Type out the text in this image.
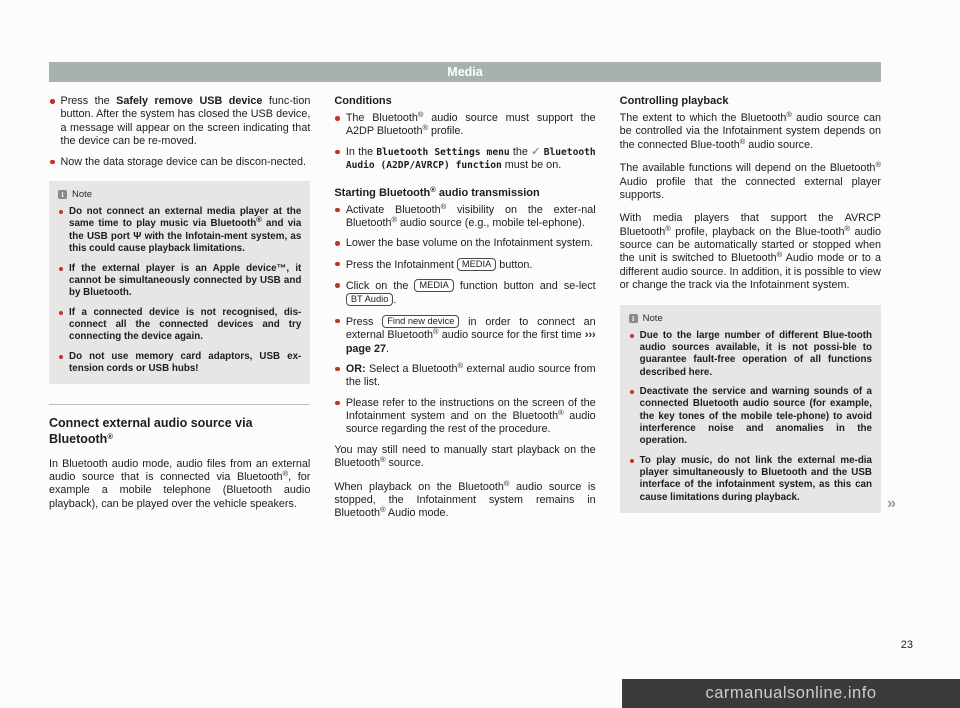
Media
Press the Safely remove USB device func-tion button. After the system has closed the USB device, a message will appear on the screen indicating that the device can be re-moved.
Now the data storage device can be discon-nected.
i Note
Do not connect an external media player at the same time to play music via Bluetooth® and via the USB port Ψ with the Infotain-ment system, as this could cause playback limitations.
If the external player is an Apple device™, it cannot be simultaneously connected by USB and by Bluetooth.
If a connected device is not recognised, dis-connect all the connected devices and try connecting the device again.
Do not use memory card adaptors, USB ex-tension cords or USB hubs!
Connect external audio source via Bluetooth®
In Bluetooth audio mode, audio files from an external audio source that is connected via Bluetooth®, for example a mobile telephone (Bluetooth audio playback), can be played over the vehicle speakers.
Conditions
The Bluetooth® audio source must support the A2DP Bluetooth® profile.
In the Bluetooth Settings menu the ✓ Bluetooth Audio (A2DP/AVRCP) function must be on.
Starting Bluetooth® audio transmission
Activate Bluetooth® visibility on the exter-nal Bluetooth® audio source (e.g., mobile tel-ephone).
Lower the base volume on the Infotainment system.
Press the Infotainment MEDIA button.
Click on the MEDIA function button and se-lect BT Audio .
Press Find new device in order to connect an external Bluetooth® audio source for the first time ››› page 27.
OR: Select a Bluetooth® external audio source from the list.
Please refer to the instructions on the screen of the Infotainment system and on the Bluetooth® audio source regarding the rest of the procedure.
You may still need to manually start playback on the Bluetooth® source.
When playback on the Bluetooth® audio source is stopped, the Infotainment system remains in Bluetooth® Audio mode.
Controlling playback
The extent to which the Bluetooth® audio source can be controlled via the Infotainment system depends on the connected Blue-tooth® audio source.
The available functions will depend on the Bluetooth® Audio profile that the connected external player supports.
With media players that support the AVRCP Bluetooth® profile, playback on the Blue-tooth® audio source can be automatically started or stopped when the unit is switched to Bluetooth® Audio mode or to a different audio source. In addition, it is possible to view or change the track via the Infotainment system.
i Note
Due to the large number of different Blue-tooth audio sources available, it is not possi-ble to guarantee fault-free operation of all functions described here.
Deactivate the service and warning sounds of a connected Bluetooth audio source (for example, the key tones of the mobile tele-phone) to avoid interference noise and anomalies in the operation.
To play music, do not link the external me-dia player simultaneously to Bluetooth and the USB interface of the infotainment system, as this can cause limitations during playback.	»
23
carmanualsonline.info
